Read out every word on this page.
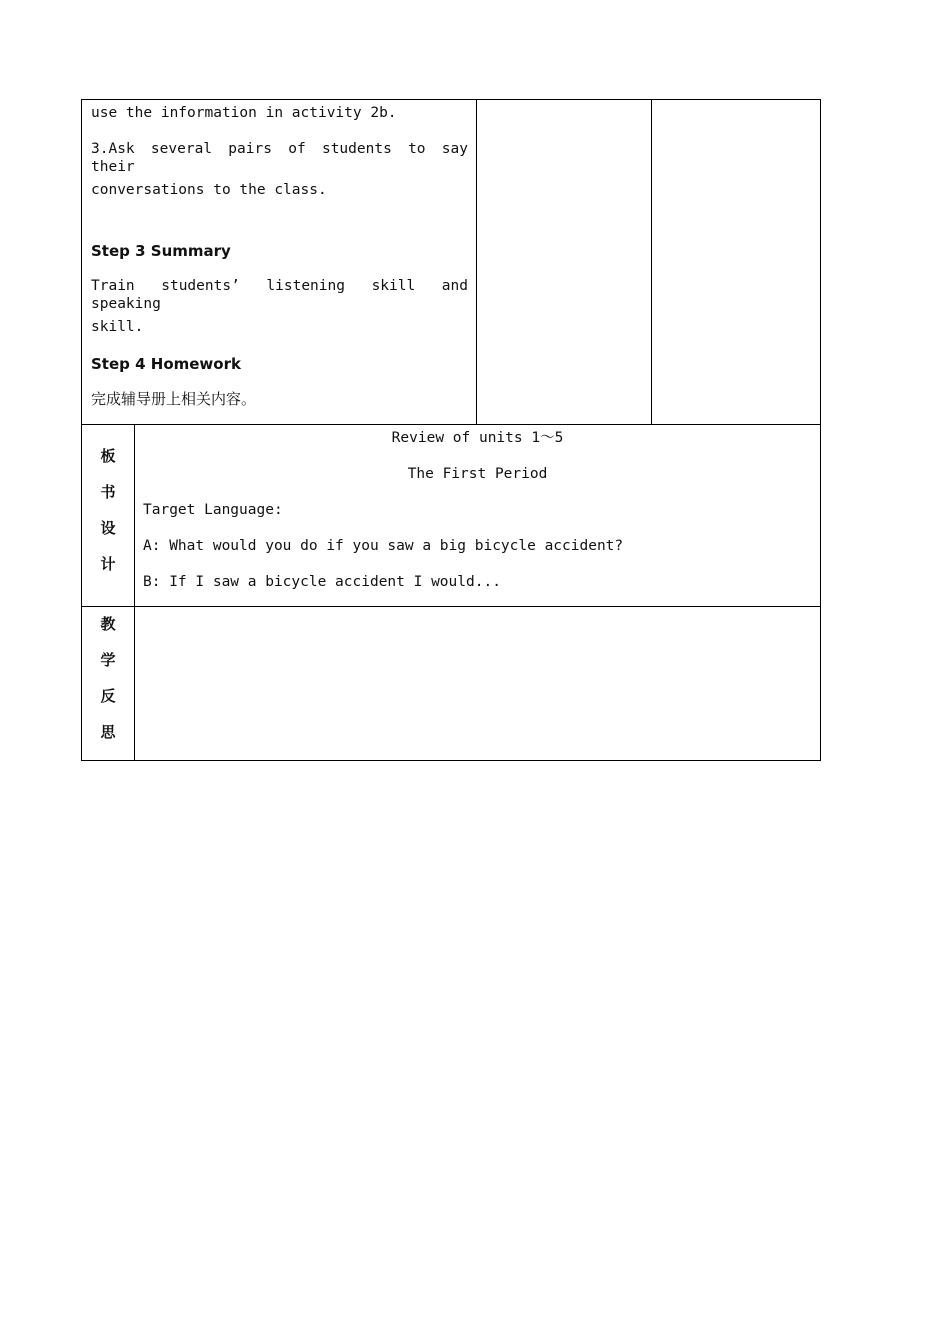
use the information in activity 2b.
3.Ask several pairs of students to say their
conversations to the class.
Step 3 Summary
Train students’ listening skill and speaking
skill.
Step 4 Homework
完成辅导册上相关内容。
板
书
设
计
Review of units 1～5
The First Period
Target Language:
A: What would you do if you saw a big bicycle accident?
B: If I saw a bicycle accident I would...
教
学
反
思
